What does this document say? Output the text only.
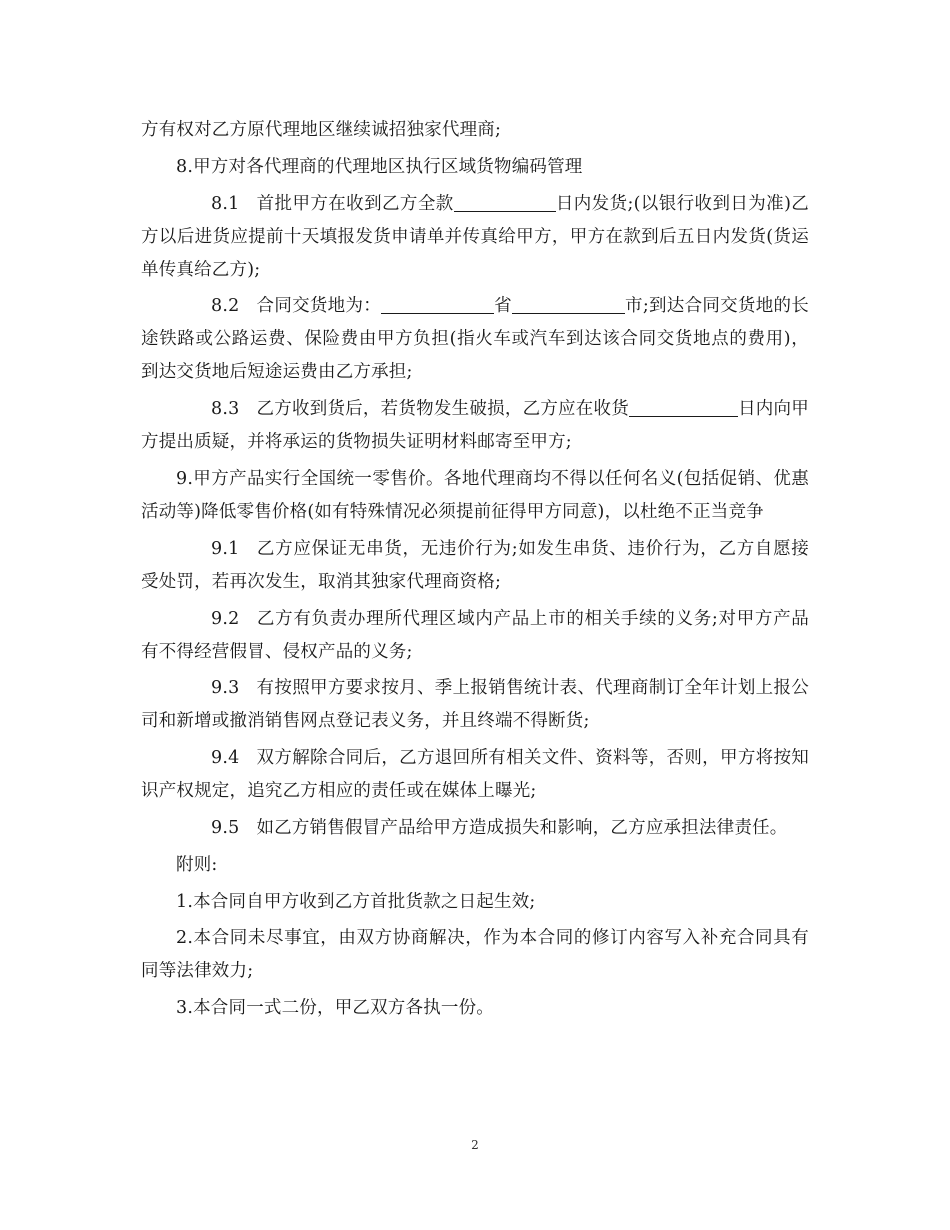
方有权对乙方原代理地区继续诚招独家代理商;

8.甲方对各代理商的代理地区执行区域货物编码管理

8.1 首批甲方在收到乙方全款	日内发货;(以银行收到日为准)乙方以后进货应提前十天填报发货申请单并传真给甲方，甲方在款到后五日内发货(货运单传真给乙方);

8.2 合同交货地为：	省	市;到达合同交货地的长途铁路或公路运费、保险费由甲方负担(指火车或汽车到达该合同交货地点的费用)，到达交货地后短途运费由乙方承担;

8.3 乙方收到货后，若货物发生破损，乙方应在收货	日内向甲方提出质疑，并将承运的货物损失证明材料邮寄至甲方;

9.甲方产品实行全国统一零售价。各地代理商均不得以任何名义(包括促销、优惠活动等)降低零售价格(如有特殊情况必须提前征得甲方同意)，以杜绝不正当竞争

9.1 乙方应保证无串货，无违价行为;如发生串货、违价行为，乙方自愿接受处罚，若再次发生，取消其独家代理商资格;

9.2 乙方有负责办理所代理区域内产品上市的相关手续的义务;对甲方产品有不得经营假冒、侵权产品的义务;

9.3 有按照甲方要求按月、季上报销售统计表、代理商制订全年计划上报公司和新增或撤消销售网点登记表义务，并且终端不得断货;

9.4 双方解除合同后，乙方退回所有相关文件、资料等，否则，甲方将按知识产权规定，追究乙方相应的责任或在媒体上曝光;

9.5 如乙方销售假冒产品给甲方造成损失和影响，乙方应承担法律责任。

附则:

1.本合同自甲方收到乙方首批货款之日起生效;

2.本合同未尽事宜，由双方协商解决，作为本合同的修订内容写入补充合同具有同等法律效力;

3.本合同一式二份，甲乙双方各执一份。

2
